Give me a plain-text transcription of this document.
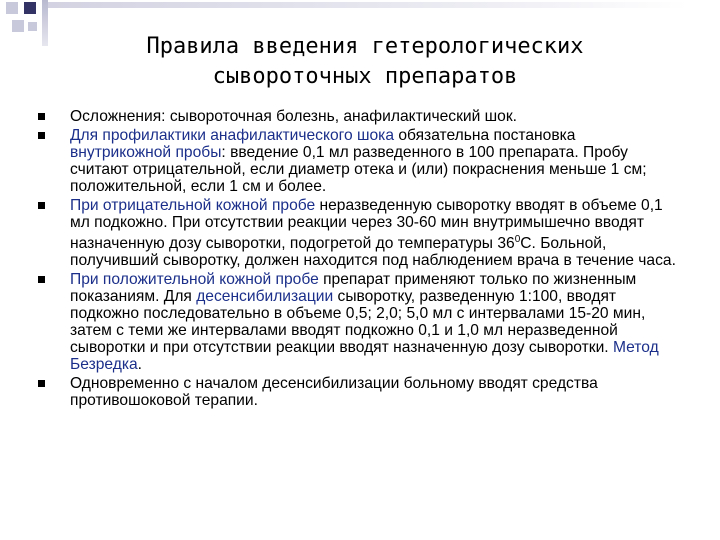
Правила введения гетерологических
сывороточных препаратов
Осложнения: сывороточная болезнь, анафилактический шок.
Для профилактики анафилактического шока обязательна постановка внутрикожной пробы: введение 0,1 мл разведенного в 100 препарата. Пробу считают отрицательной, если диаметр отека и (или) покраснения меньше 1 см; положительной, если 1 см и более.
При отрицательной кожной пробе неразведенную сыворотку вводят в объеме 0,1 мл подкожно. При отсутствии реакции через 30-60 мин внутримышечно вводят назначенную дозу сыворотки, подогретой до температуры $36^0С$. Больной, получивший сыворотку, должен находится под наблюдением врача в течение часа.
При положительной кожной пробе препарат применяют только по жизненным показаниям. Для десенсибилизации сыворотку, разведенную 1:100, вводят подкожно последовательно в объеме 0,5; 2,0; 5,0 мл с интервалами 15-20 мин, затем с теми же интервалами вводят подкожно 0,1 и 1,0 мл неразведенной сыворотки и при отсутствии реакции вводят назначенную дозу сыворотки. Метод Безредка.
Одновременно с началом десенсибилизации больному вводят средства противошоковой терапии.
